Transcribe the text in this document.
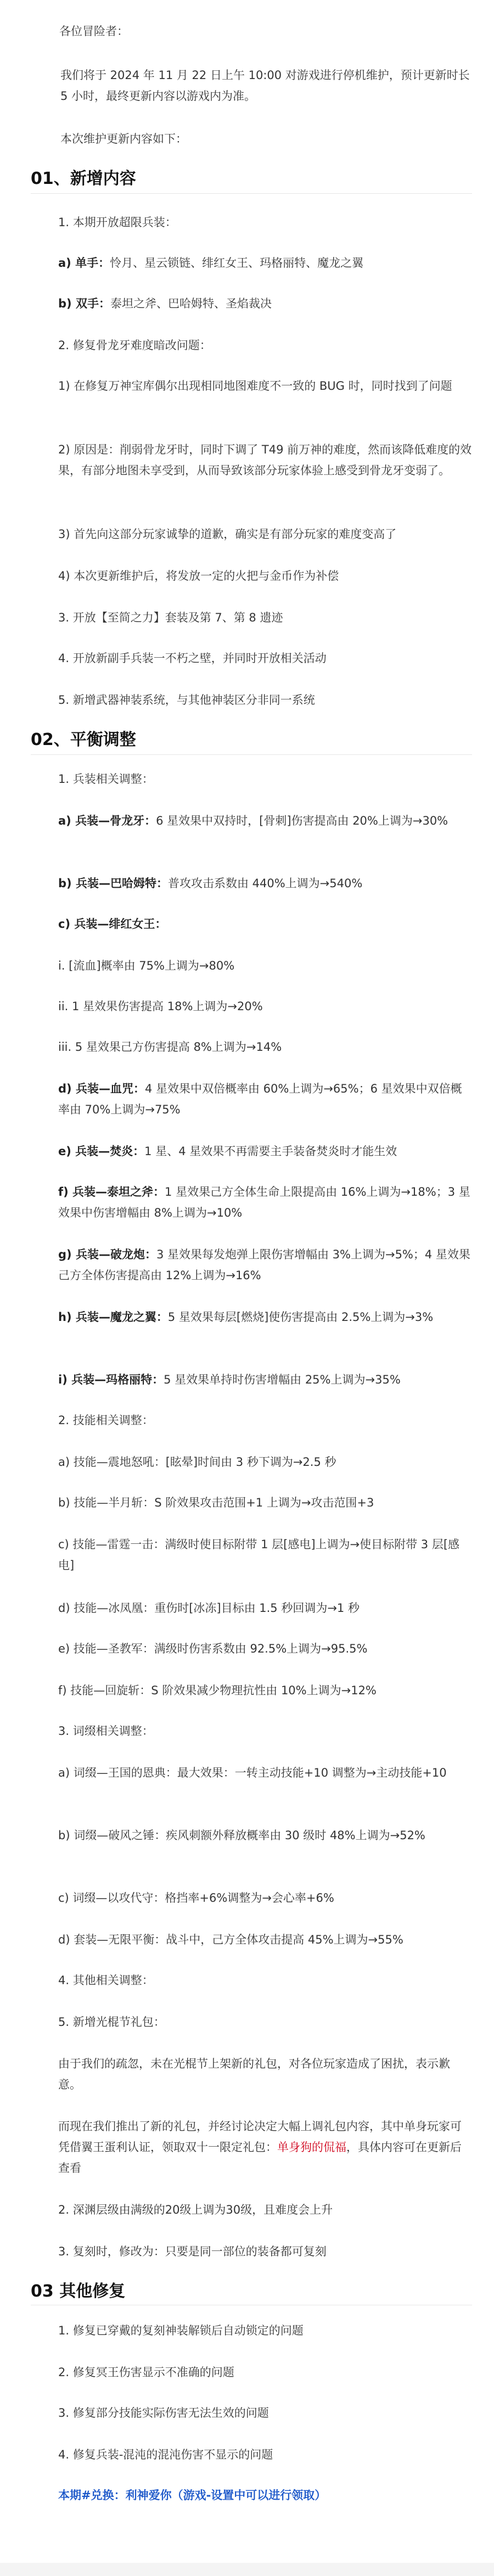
各位冒险者：

我们将于 2024 年 11 月 22 日上午 10:00 对游戏进行停机维护，预计更新时长 5 小时，最终更新内容以游戏内为准。

本次维护更新内容如下：

01、新增内容

1. 本期开放超限兵装：

a) 单手：怜月、星云锁链、绯红女王、玛格丽特、魔龙之翼

b) 双手：泰坦之斧、巴哈姆特、圣焰裁决

2. 修复骨龙牙难度暗改问题：

1) 在修复万神宝库偶尔出现相同地图难度不一致的 BUG 时，同时找到了问题

2) 原因是：削弱骨龙牙时，同时下调了 T49 前万神的难度，然而该降低难度的效果，有部分地图未享受到，从而导致该部分玩家体验上感受到骨龙牙变弱了。

3) 首先向这部分玩家诚挚的道歉，确实是有部分玩家的难度变高了

4) 本次更新维护后，将发放一定的火把与金币作为补偿

3. 开放【至简之力】套装及第 7、第 8 遗迹

4. 开放新副手兵装一不朽之壁，并同时开放相关活动

5. 新增武器神装系统，与其他神装区分非同一系统

02、平衡调整

1. 兵装相关调整：

a) 兵装—骨龙牙：6 星效果中双持时，[骨刺]伤害提高由 20%上调为→30%

b) 兵装—巴哈姆特：普攻攻击系数由 440%上调为→540%

c) 兵装—绯红女王：

i. [流血]概率由 75%上调为→80%

ii. 1 星效果伤害提高 18%上调为→20%

iii. 5 星效果己方伤害提高 8%上调为→14%

d) 兵装—血咒：4 星效果中双倍概率由 60%上调为→65%；6 星效果中双倍概率由 70%上调为→75%

e) 兵装—焚炎：1 星、4 星效果不再需要主手装备焚炎时才能生效

f) 兵装—泰坦之斧：1 星效果己方全体生命上限提高由 16%上调为→18%；3 星效果中伤害增幅由 8%上调为→10%

g) 兵装—破龙炮：3 星效果每发炮弹上限伤害增幅由 3%上调为→5%；4 星效果己方全体伤害提高由 12%上调为→16%

h) 兵装—魔龙之翼：5 星效果每层[燃烧]使伤害提高由 2.5%上调为→3%

i) 兵装—玛格丽特：5 星效果单持时伤害增幅由 25%上调为→35%

2. 技能相关调整：

a) 技能—震地怒吼：[眩晕]时间由 3 秒下调为→2.5 秒

b) 技能—半月斩：S 阶效果攻击范围+1 上调为→攻击范围+3

c) 技能—雷霆一击：满级时使目标附带 1 层[感电]上调为→使目标附带 3 层[感电]

d) 技能—冰凤凰：重伤时[冰冻]目标由 1.5 秒回调为→1 秒

e) 技能—圣教军：满级时伤害系数由 92.5%上调为→95.5%

f) 技能—回旋斩：S 阶效果减少物理抗性由 10%上调为→12%

3. 词缀相关调整：

a) 词缀—王国的恩典：最大效果：一转主动技能+10 调整为→主动技能+10

b) 词缀—破风之锤：疾风刺额外释放概率由 30 级时 48%上调为→52%

c) 词缀—以攻代守：格挡率+6%调整为→会心率+6%

d) 套装—无限平衡：战斗中，己方全体攻击提高 45%上调为→55%

4. 其他相关调整：

5. 新增光棍节礼包：

由于我们的疏忽，未在光棍节上架新的礼包，对各位玩家造成了困扰，表示歉意。

而现在我们推出了新的礼包，并经讨论决定大幅上调礼包内容，其中单身玩家可凭借翼王蛋利认证，领取双十一限定礼包：单身狗的侃福，具体内容可在更新后查看

2. 深渊层级由满级的20级上调为30级，且难度会上升

3. 复刻时，修改为：只要是同一部位的装备都可复刻

03 其他修复

1. 修复已穿戴的复刻神装解锁后自动锁定的问题

2. 修复冥王伤害显示不准确的问题

3. 修复部分技能实际伤害无法生效的问题

4. 修复兵装-混沌的混沌伤害不显示的问题

本期#兑换：利神爱你（游戏-设置中可以进行领取）
